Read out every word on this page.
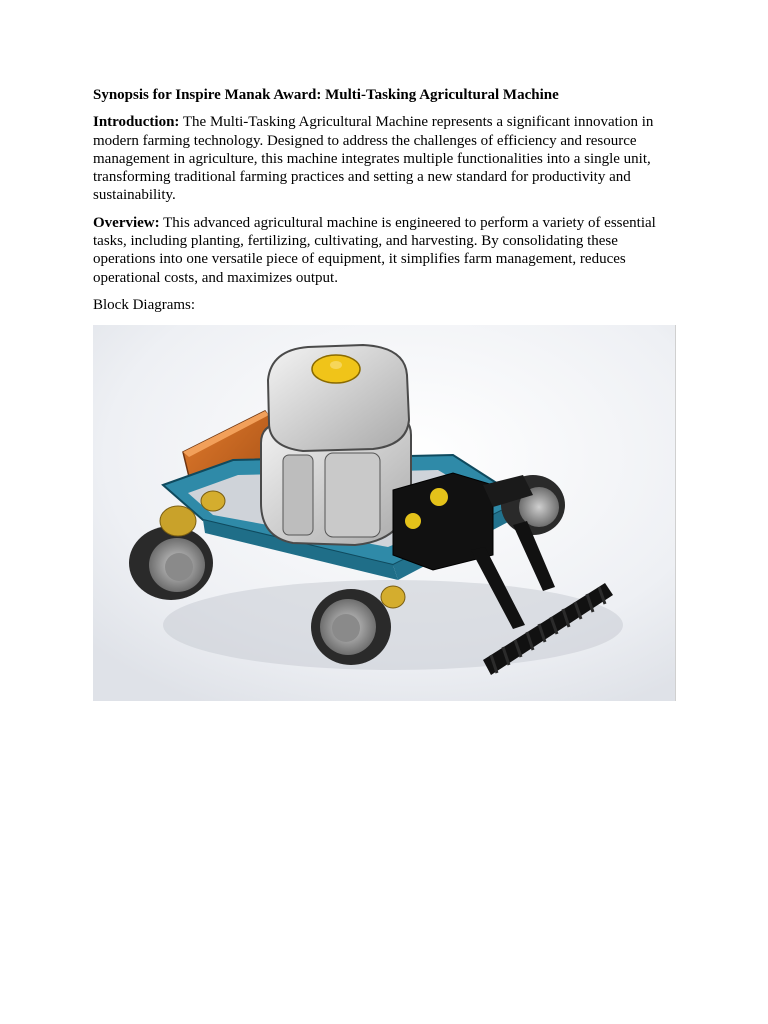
Synopsis for Inspire Manak Award: Multi-Tasking Agricultural Machine

Introduction: The Multi-Tasking Agricultural Machine represents a significant innovation in modern farming technology. Designed to address the challenges of efficiency and resource management in agriculture, this machine integrates multiple functionalities into a single unit, transforming traditional farming practices and setting a new standard for productivity and sustainability.

Overview: This advanced agricultural machine is engineered to perform a variety of essential tasks, including planting, fertilizing, cultivating, and harvesting. By consolidating these operations into one versatile piece of equipment, it simplifies farm management, reduces operational costs, and maximizes output.

Block Diagrams:
